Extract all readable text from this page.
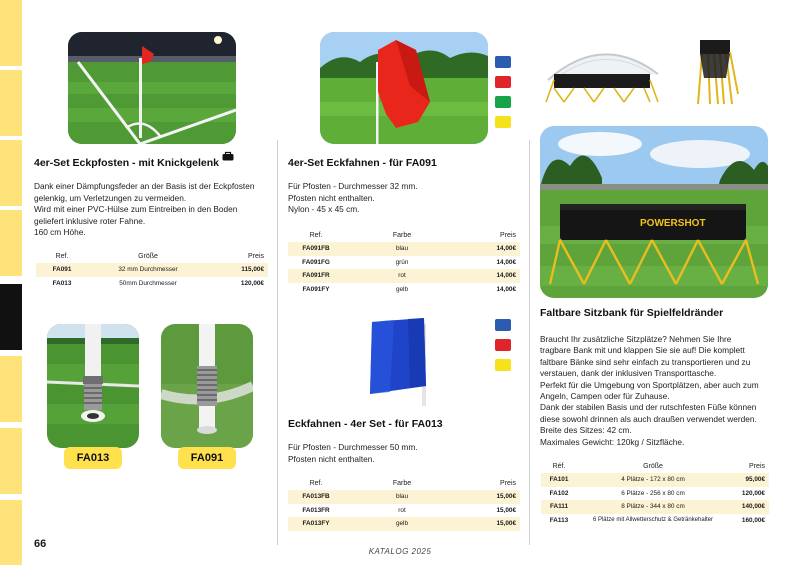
4er-Set Eckpfosten - mit Knickgelenk
Dank einer Dämpfungsfeder an der Basis ist der Eckpfosten
gelenkig, um Verletzungen zu vermeiden.
Wird mit einer PVC-Hülse zum Eintreiben in den Boden
geliefert inklusive roter Fahne.
160 cm Höhe.
Ref.	Größe	Preis
FA091	32 mm Durchmesser	115,00€
FA013	50mm Durchmesser	120,00€
FA013	FA091
4er-Set Eckfahnen - für FA091
Für Pfosten - Durchmesser 32 mm.
Pfosten nicht enthalten.
Nylon - 45 x 45 cm.
Ref.	Farbe	Preis
FA091FB	blau	14,00€
FA091FG	grün	14,00€
FA091FR	rot	14,00€
FA091FY	gelb	14,00€
Eckfahnen - 4er Set - für FA013
Für Pfosten - Durchmesser 50 mm.
Pfosten nicht enthalten.
Ref.	Farbe	Preis
FA013FB	blau	15,00€
FA013FR	rot	15,00€
FA013FY	gelb	15,00€
POWERSHOT
Faltbare Sitzbank für Spielfeldränder
Braucht Ihr zusätzliche Sitzplätze? Nehmen Sie Ihre
tragbare Bank mit und klappen Sie sie auf! Die komplett
faltbare Bänke sind sehr einfach zu transportieren und zu
verstauen, dank der inklusiven Transporttasche.
Perfekt für die Umgebung von Sportplätzen, aber auch zum
Angeln, Campen oder für Zuhause.
Dank der stabilen Basis und der rutschfesten Füße können
diese sowohl drinnen als auch draußen verwendet werden.
Breite des Sitzes: 42 cm.
Maximales Gewicht: 120kg / Sitzfläche.
Réf.	Größe	Preis
FA101	4 Plätze - 172 x 80 cm	95,00€
FA102	6 Plätze - 256 x 80 cm	120,00€
FA111	8 Plätze - 344 x 80 cm	140,00€
FA113	6 Plätze mit Allwetterschutz & Getränkehalter	160,00€
66
KATALOG 2025
